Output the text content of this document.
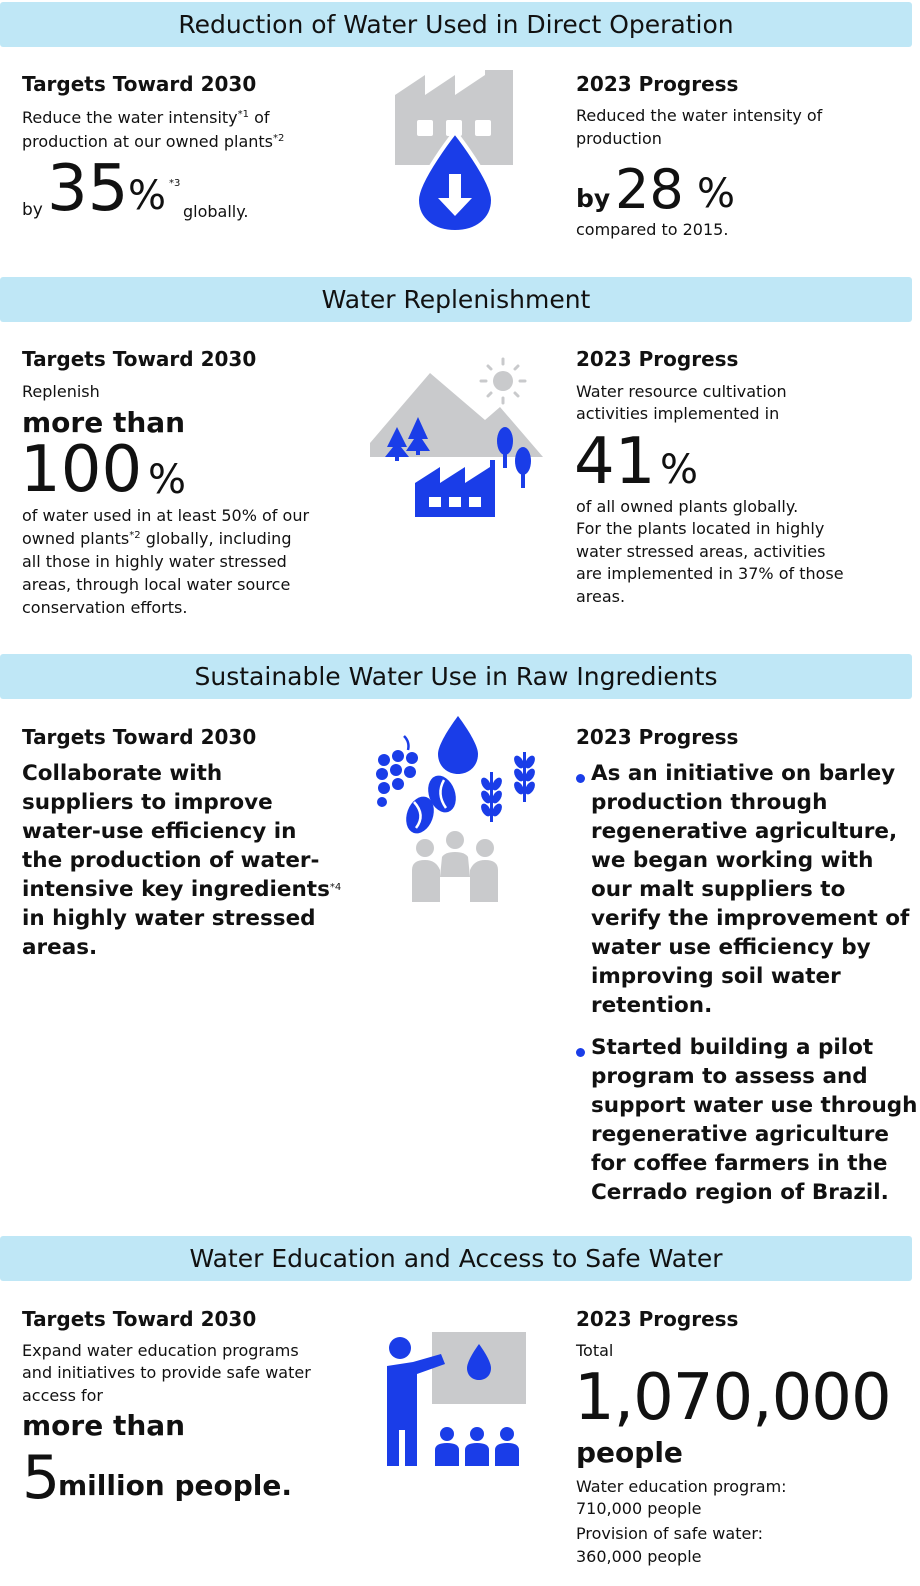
Reduction of Water Used in Direct Operation
Targets Toward 2030
Reduce the water intensity$^{*1}$ of
production at our owned plants$^{*2}$
by 35 % *3
globally.
2023 Progress
Reduced the water intensity of
production
by 28 %
compared to 2015.
Water Replenishment
Targets Toward 2030
Replenish
more than
100 %
of water used in at least 50% of our
owned plants$^{*2}$ globally, including
all those in highly water stressed
areas, through local water source
conservation efforts.
2023 Progress
Water resource cultivation
activities implemented in
41 %
of all owned plants globally.
For the plants located in highly
water stressed areas, activities
are implemented in 37% of those
areas.
Sustainable Water Use in Raw Ingredients
Targets Toward 2030
Collaborate with
suppliers to improve
water-use efficiency in
the production of water-
intensive key ingredients$^{*4}$
in highly water stressed
areas.
2023 Progress
As an initiative on barley
production through
regenerative agriculture,
we began working with
our malt suppliers to
verify the improvement of
water use efficiency by
improving soil water
retention.
Started building a pilot
program to assess and
support water use through
regenerative agriculture
for coffee farmers in the
Cerrado region of Brazil.
Water Education and Access to Safe Water
Targets Toward 2030
Expand water education programs
and initiatives to provide safe water
access for
more than
5
million people.
2023 Progress
Total
1,070,000
people
Water education program:
710,000 people
Provision of safe water:
360,000 people
